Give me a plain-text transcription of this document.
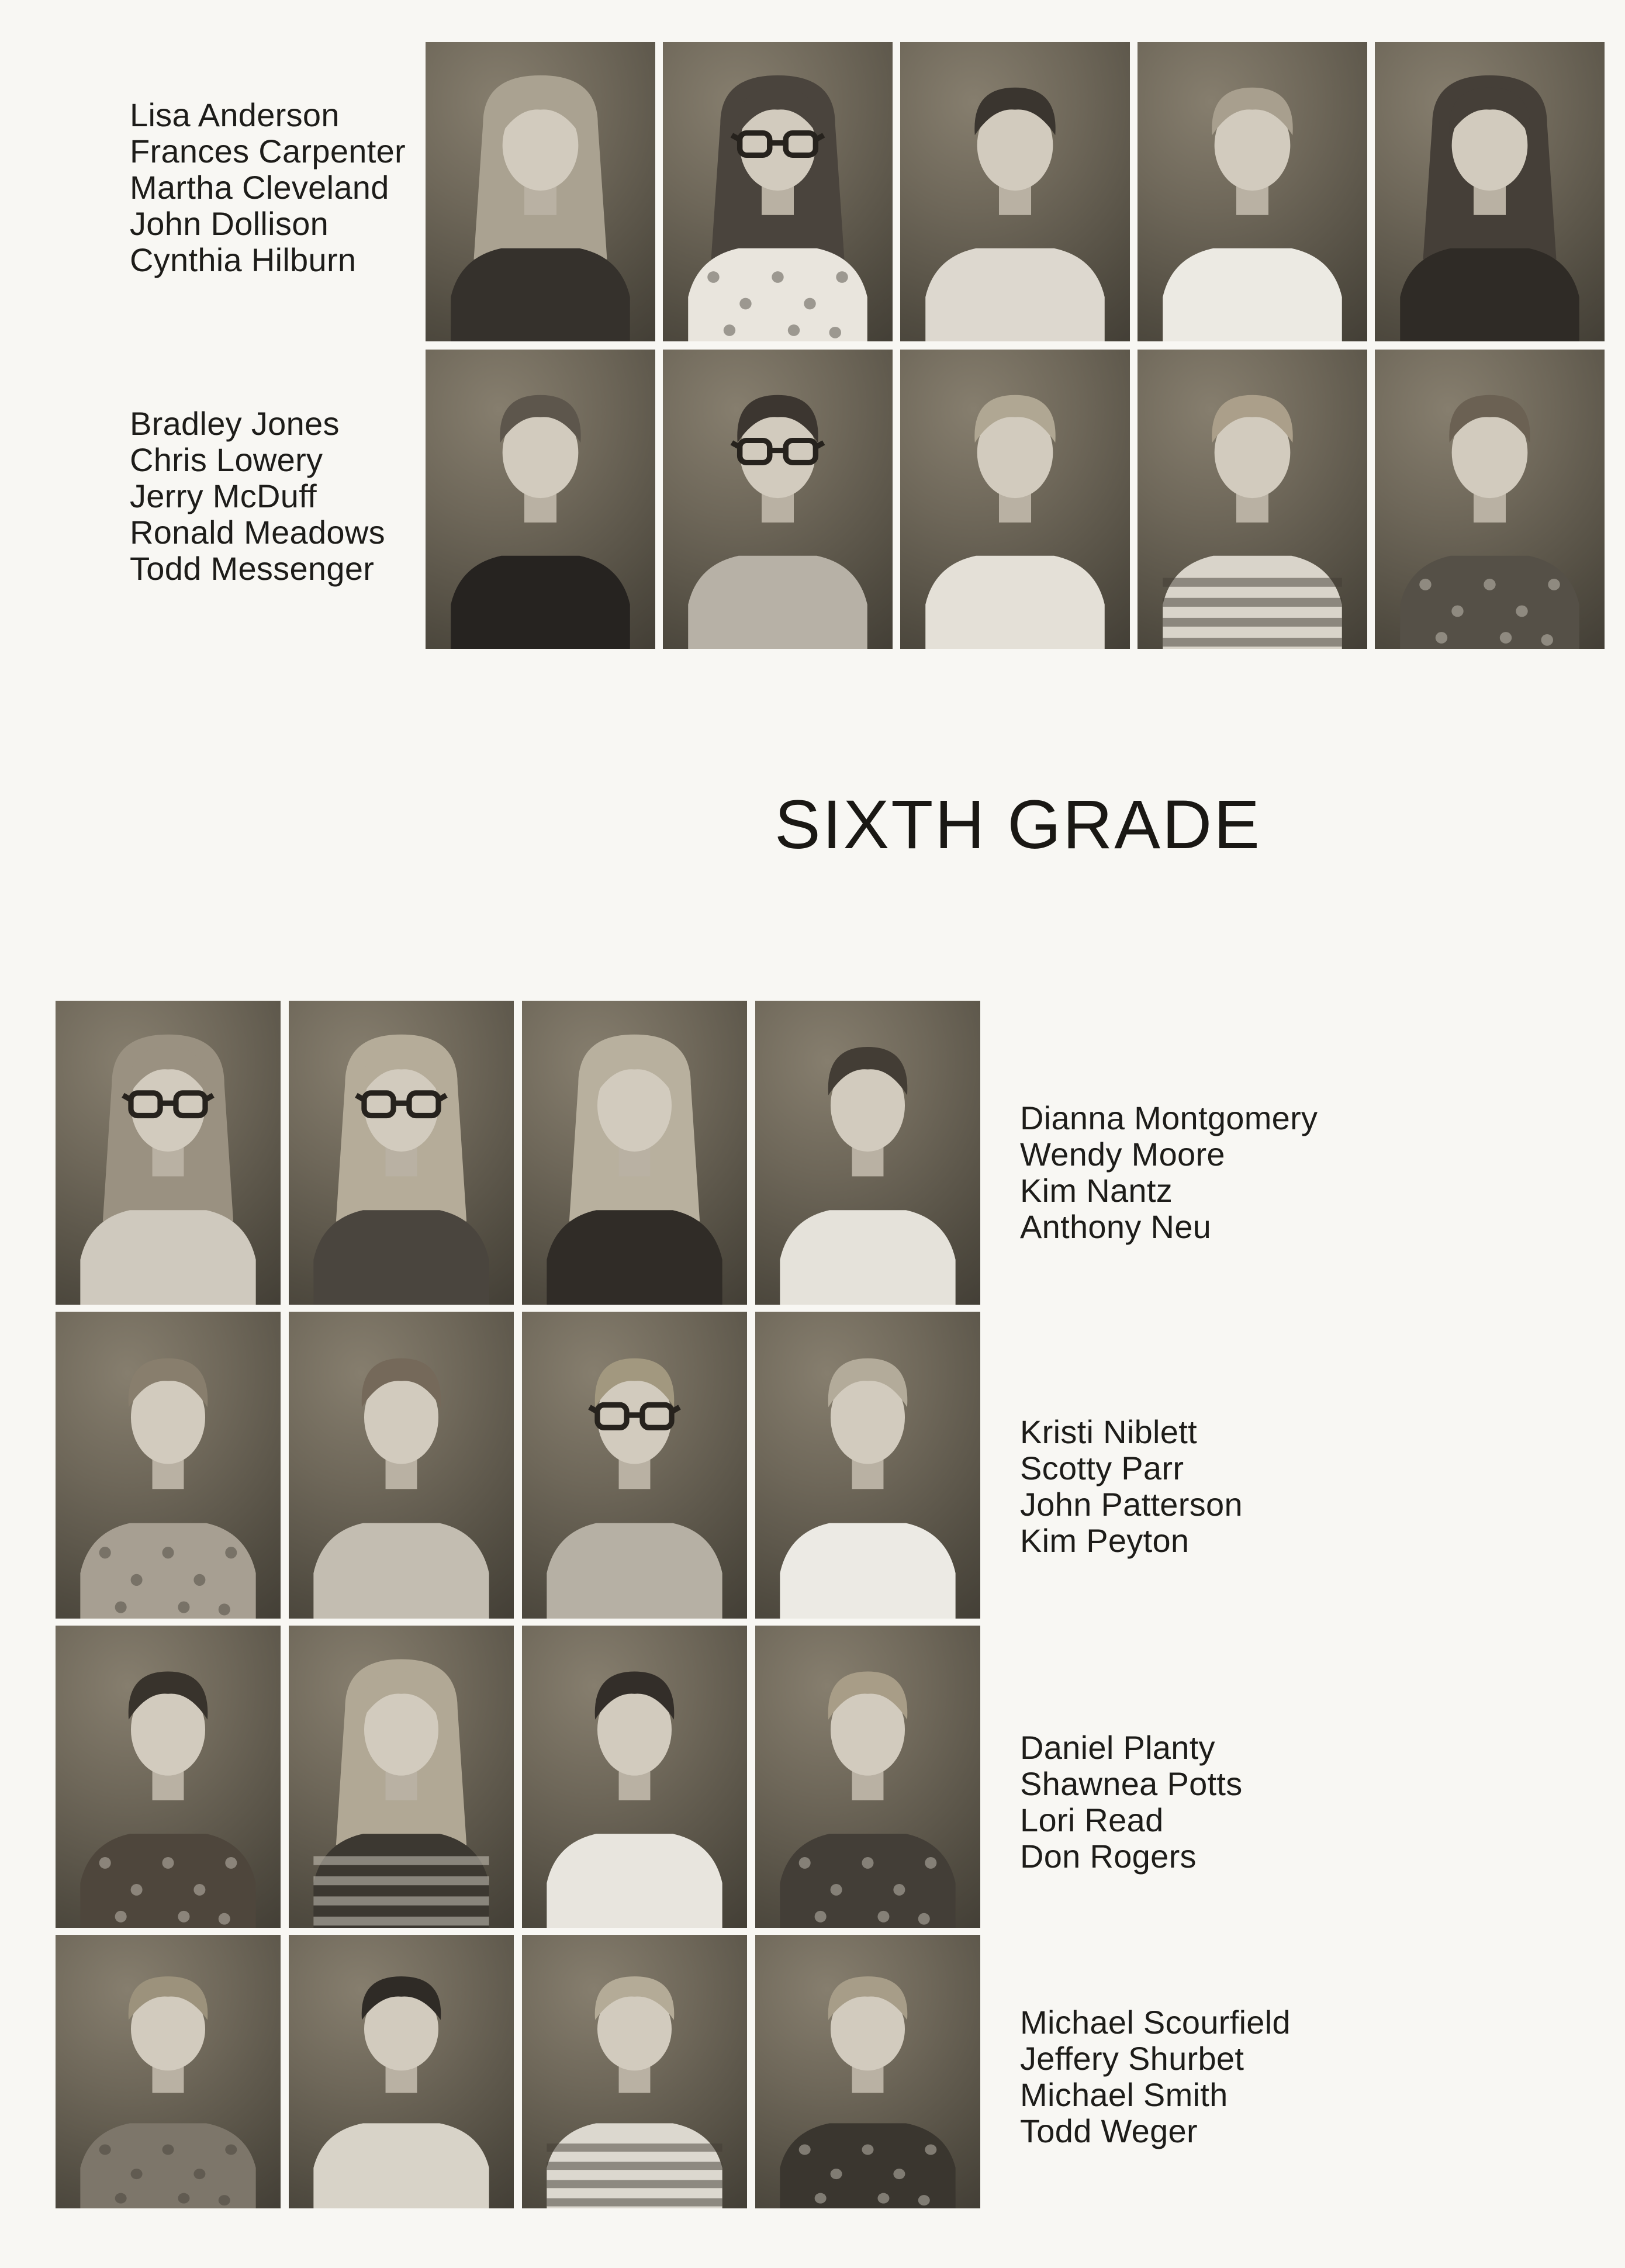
Lisa Anderson
Frances Carpenter
Martha Cleveland
John Dollison
Cynthia Hilburn
Bradley Jones
Chris Lowery
Jerry McDuff
Ronald Meadows
Todd Messenger
SIXTH GRADE
Dianna Montgomery
Wendy Moore
Kim Nantz
Anthony Neu
Kristi Niblett
Scotty Parr
John Patterson
Kim Peyton
Daniel Planty
Shawnea Potts
Lori Read
Don Rogers
Michael Scourfield
Jeffery Shurbet
Michael Smith
Todd Weger
